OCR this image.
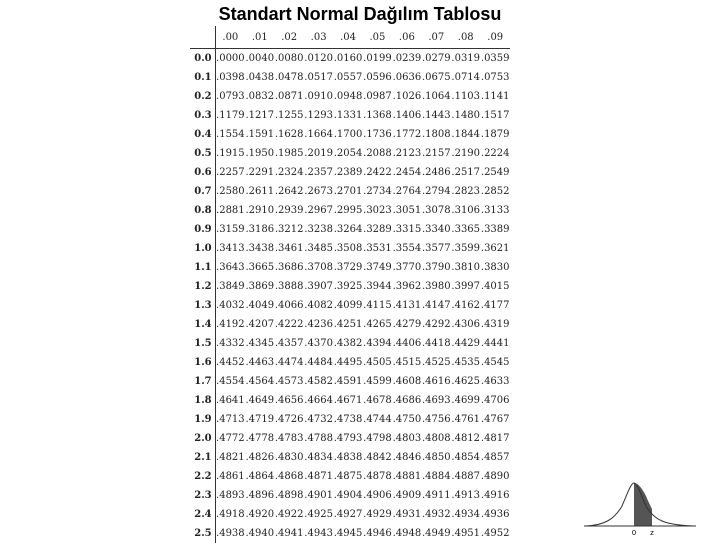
Standart Normal Dağılım Tablosu
	.00	.01	.02	.03	.04	.05	.06	.07	.08	.09
0.0	.0000	.0040	.0080	.0120	.0160	.0199	.0239	.0279	.0319	.0359
0.1	.0398	.0438	.0478	.0517	.0557	.0596	.0636	.0675	.0714	.0753
0.2	.0793	.0832	.0871	.0910	.0948	.0987	.1026	.1064	.1103	.1141
0.3	.1179	.1217	.1255	.1293	.1331	.1368	.1406	.1443	.1480	.1517
0.4	.1554	.1591	.1628	.1664	.1700	.1736	.1772	.1808	.1844	.1879
0.5	.1915	.1950	.1985	.2019	.2054	.2088	.2123	.2157	.2190	.2224
0.6	.2257	.2291	.2324	.2357	.2389	.2422	.2454	.2486	.2517	.2549
0.7	.2580	.2611	.2642	.2673	.2701	.2734	.2764	.2794	.2823	.2852
0.8	.2881	.2910	.2939	.2967	.2995	.3023	.3051	.3078	.3106	.3133
0.9	.3159	.3186	.3212	.3238	.3264	.3289	.3315	.3340	.3365	.3389
1.0	.3413	.3438	.3461	.3485	.3508	.3531	.3554	.3577	.3599	.3621
1.1	.3643	.3665	.3686	.3708	.3729	.3749	.3770	.3790	.3810	.3830
1.2	.3849	.3869	.3888	.3907	.3925	.3944	.3962	.3980	.3997	.4015
1.3	.4032	.4049	.4066	.4082	.4099	.4115	.4131	.4147	.4162	.4177
1.4	.4192	.4207	.4222	.4236	.4251	.4265	.4279	.4292	.4306	.4319
1.5	.4332	.4345	.4357	.4370	.4382	.4394	.4406	.4418	.4429	.4441
1.6	.4452	.4463	.4474	.4484	.4495	.4505	.4515	.4525	.4535	.4545
1.7	.4554	.4564	.4573	.4582	.4591	.4599	.4608	.4616	.4625	.4633
1.8	.4641	.4649	.4656	.4664	.4671	.4678	.4686	.4693	.4699	.4706
1.9	.4713	.4719	.4726	.4732	.4738	.4744	.4750	.4756	.4761	.4767
2.0	.4772	.4778	.4783	.4788	.4793	.4798	.4803	.4808	.4812	.4817
2.1	.4821	.4826	.4830	.4834	.4838	.4842	.4846	.4850	.4854	.4857
2.2	.4861	.4864	.4868	.4871	.4875	.4878	.4881	.4884	.4887	.4890
2.3	.4893	.4896	.4898	.4901	.4904	.4906	.4909	.4911	.4913	.4916
2.4	.4918	.4920	.4922	.4925	.4927	.4929	.4931	.4932	.4934	.4936
2.5	.4938	.4940	.4941	.4943	.4945	.4946	.4948	.4949	.4951	.4952	0 z
